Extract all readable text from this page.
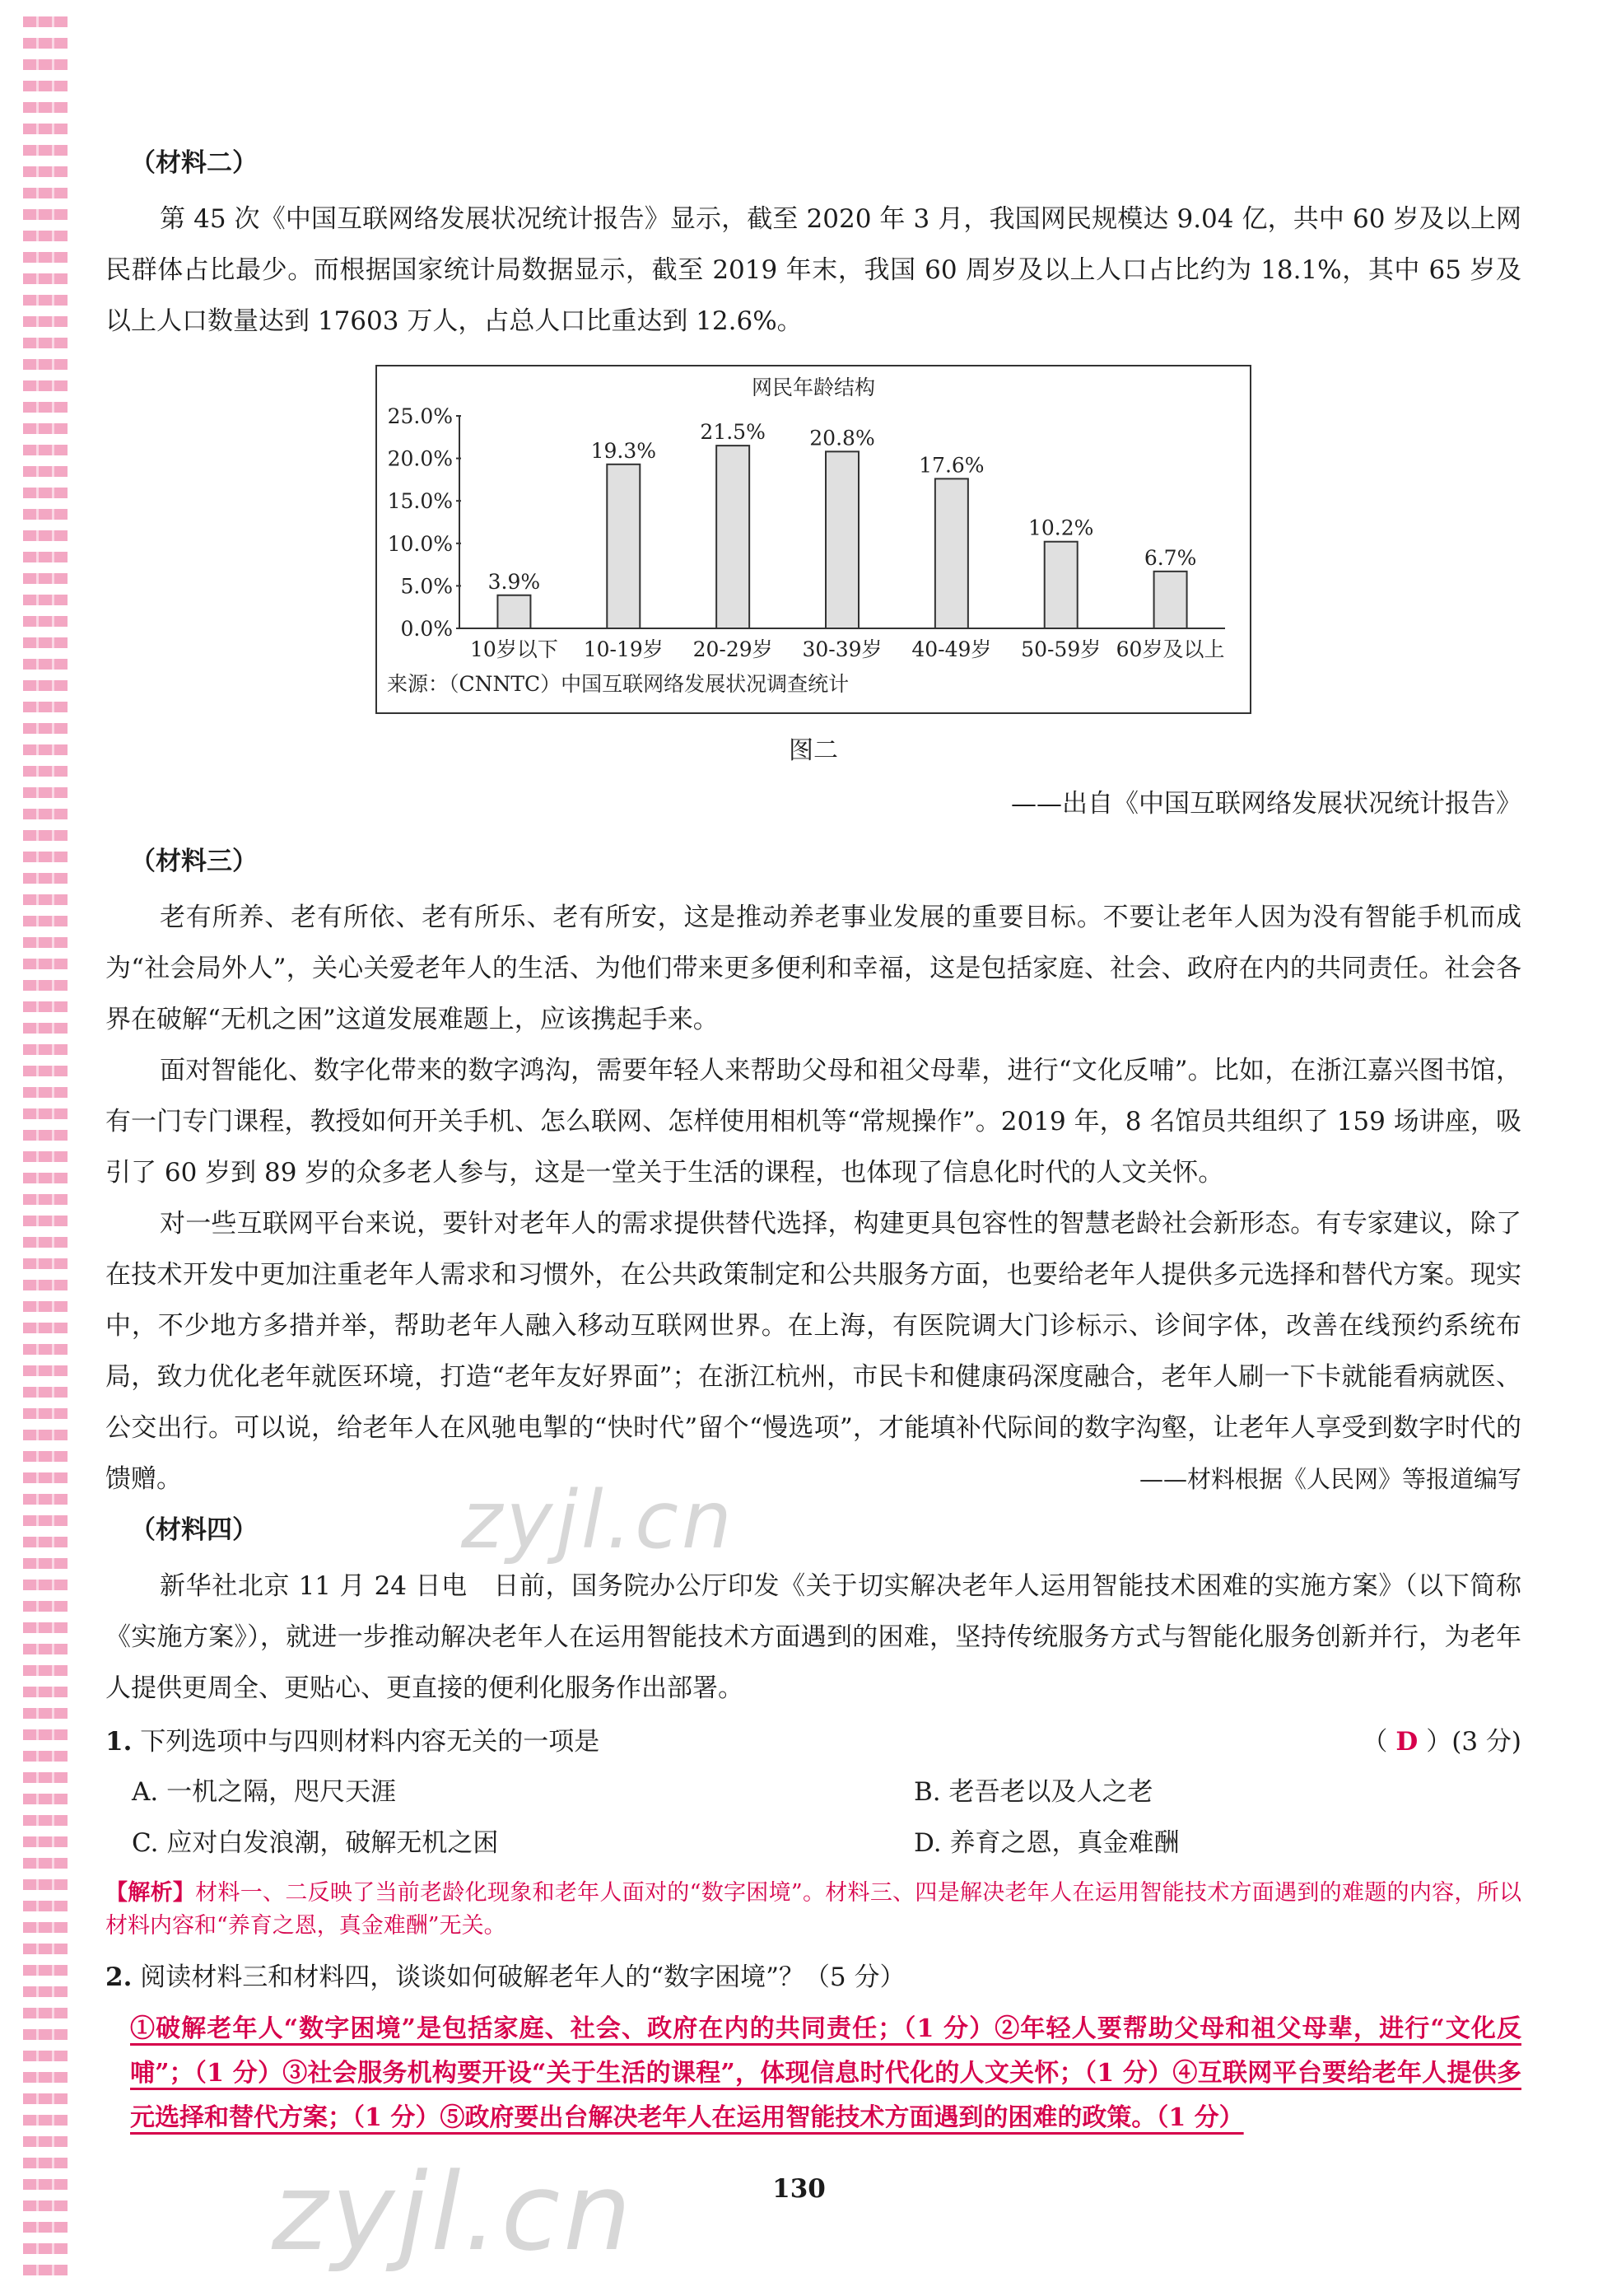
zyjl.cn
zyjl.cn
（材料二）

第 45 次《中国互联网络发展状况统计报告》显示，截至 2020 年 3 月，我国网民规模达 9.04 亿，共中 60 岁及以上网民群体占比最少。而根据国家统计局数据显示，截至 2019 年末，我国 60 周岁及以上人口占比约为 18.1%，其中 65 岁及以上人口数量达到 17603 万人，占总人口比重达到 12.6%。

网民年龄结构
0.0%
5.0%
10.0%
15.0%
20.0%
25.0%
3.9%
10岁以下
19.3%
10-19岁
21.5%
20-29岁
20.8%
30-39岁
17.6%
40-49岁
10.2%
50-59岁
6.7%
60岁及以上
来源：（CNNTC）中国互联网络发展状况调查统计
图二
——出自《中国互联网络发展状况统计报告》
（材料三）

老有所养、老有所依、老有所乐、老有所安，这是推动养老事业发展的重要目标。不要让老年人因为没有智能手机而成为“社会局外人”，关心关爱老年人的生活、为他们带来更多便利和幸福，这是包括家庭、社会、政府在内的共同责任。社会各界在破解“无机之困”这道发展难题上，应该携起手来。

面对智能化、数字化带来的数字鸿沟，需要年轻人来帮助父母和祖父母辈，进行“文化反哺”。比如，在浙江嘉兴图书馆，有一门专门课程，教授如何开关手机、怎么联网、怎样使用相机等“常规操作”。2019 年，8 名馆员共组织了 159 场讲座，吸引了 60 岁到 89 岁的众多老人参与，这是一堂关于生活的课程，也体现了信息化时代的人文关怀。

对一些互联网平台来说，要针对老年人的需求提供替代选择，构建更具包容性的智慧老龄社会新形态。有专家建议，除了在技术开发中更加注重老年人需求和习惯外，在公共政策制定和公共服务方面，也要给老年人提供多元选择和替代方案。现实中，不少地方多措并举，帮助老年人融入移动互联网世界。在上海，有医院调大门诊标示、诊间字体，改善在线预约系统布局，致力优化老年就医环境，打造“老年友好界面”；在浙江杭州，市民卡和健康码深度融合，老年人刷一下卡就能看病就医、公交出行。可以说，给老年人在风驰电掣的“快时代”留个“慢选项”，才能填补代际间的数字沟壑，让老年人享受到数字时代的馈赠。	——材料根据《人民网》等报道编写

（材料四）

新华社北京 11 月 24 日电　日前，国务院办公厅印发《关于切实解决老年人运用智能技术困难的实施方案》（以下简称《实施方案》），就进一步推动解决老年人在运用智能技术方面遇到的困难，坚持传统服务方式与智能化服务创新并行，为老年人提供更周全、更贴心、更直接的便利化服务作出部署。

1. 下列选项中与四则材料内容无关的一项是	（ D ）(3 分)
A. 一机之隔，咫尺天涯	B. 老吾老以及人之老
C. 应对白发浪潮，破解无机之困	D. 养育之恩，真金难酬
【解析】材料一、二反映了当前老龄化现象和老年人面对的“数字困境”。材料三、四是解决老年人在运用智能技术方面遇到的难题的内容，所以材料内容和“养育之恩，真金难酬”无关。
2. 阅读材料三和材料四，谈谈如何破解老年人的“数字困境”？（5 分）
①破解老年人“数字困境”是包括家庭、社会、政府在内的共同责任；（1 分）②年轻人要帮助父母和祖父母辈，进行“文化反哺”；（1 分）③社会服务机构要开设“关于生活的课程”，体现信息时代化的人文关怀；（1 分）④互联网平台要给老年人提供多元选择和替代方案；（1 分）⑤政府要出台解决老年人在运用智能技术方面遇到的困难的政策。（1 分）
130
